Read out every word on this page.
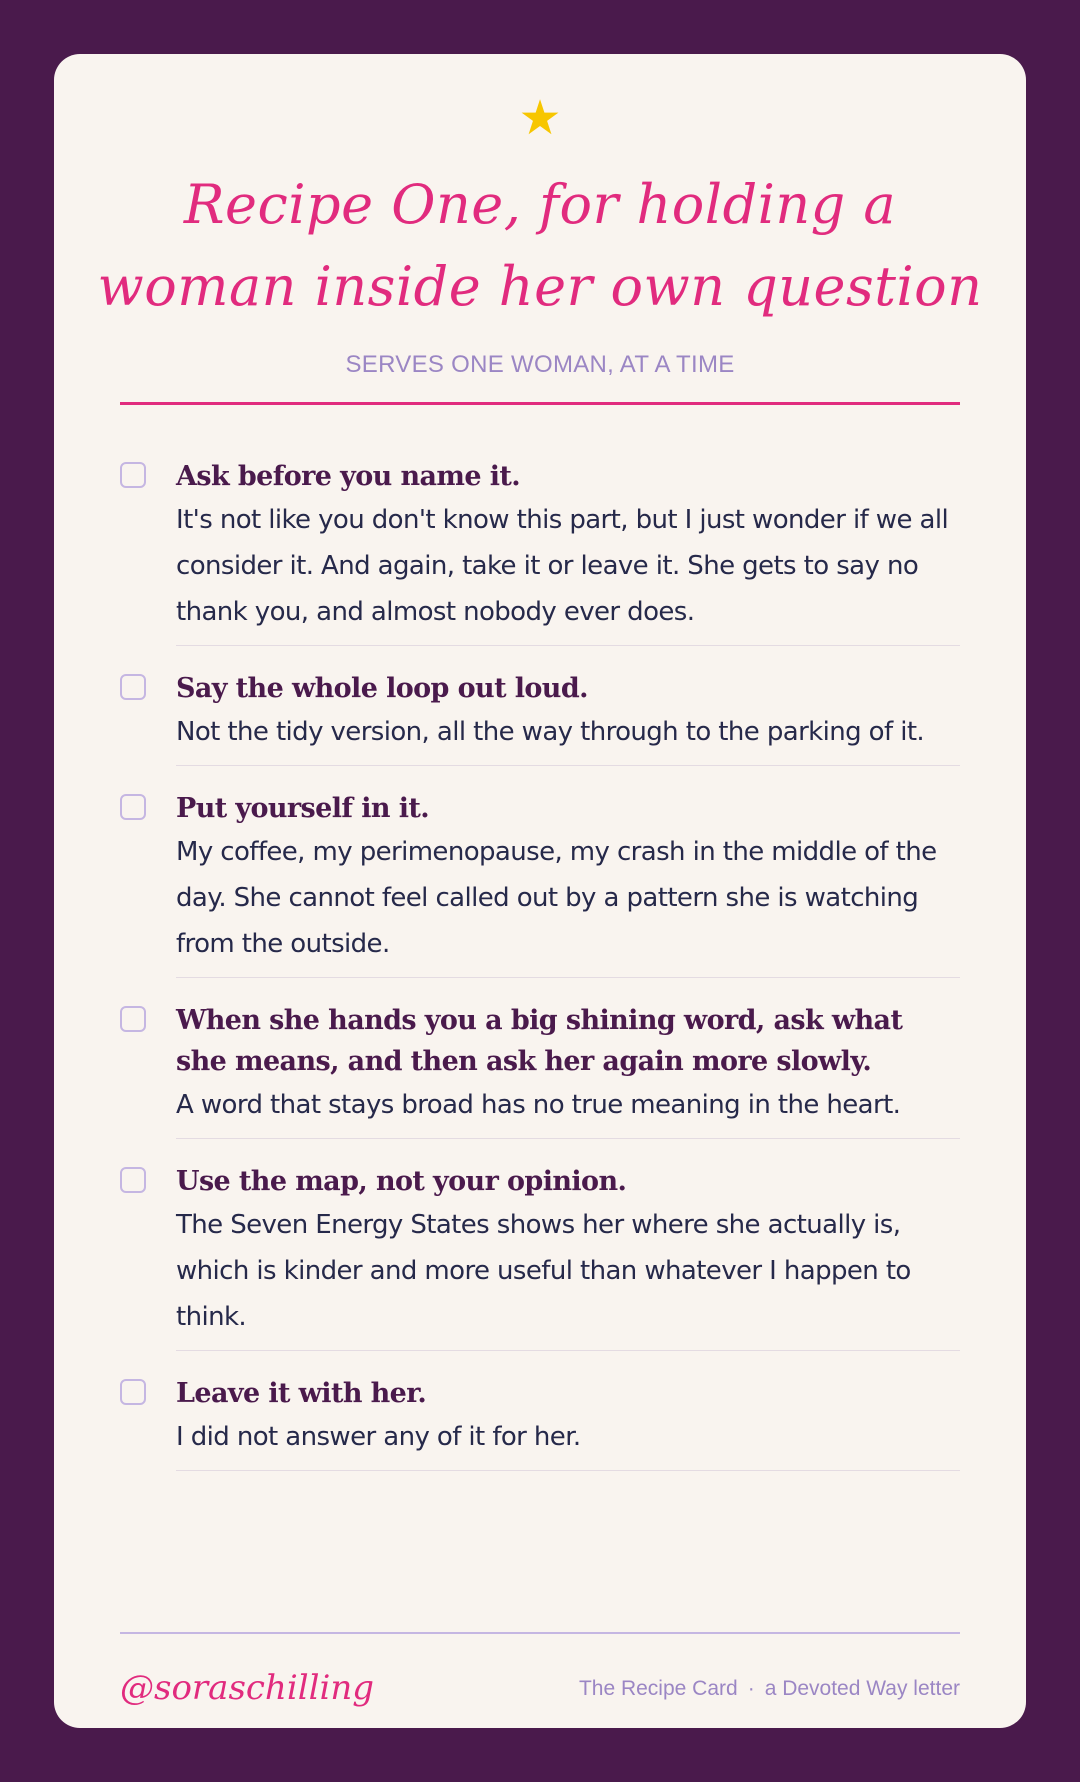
★
Recipe One, for holding a woman inside her own question
SERVES ONE WOMAN, AT A TIME

Ask before you name it.

It's not like you don't know this part, but I just wonder if we all consider it. And again, take it or leave it. She gets to say no thank you, and almost nobody ever does.

Say the whole loop out loud.

Not the tidy version, all the way through to the parking of it.

Put yourself in it.

My coffee, my perimenopause, my crash in the middle of the day. She cannot feel called out by a pattern she is watching from the outside.

When she hands you a big shining word, ask what she means, and then ask her again more slowly.

A word that stays broad has no true meaning in the heart.

Use the map, not your opinion.

The Seven Energy States shows her where she actually is, which is kinder and more useful than whatever I happen to think.

Leave it with her.

I did not answer any of it for her.

@soraschilling	The Recipe Card · a Devoted Way letter
